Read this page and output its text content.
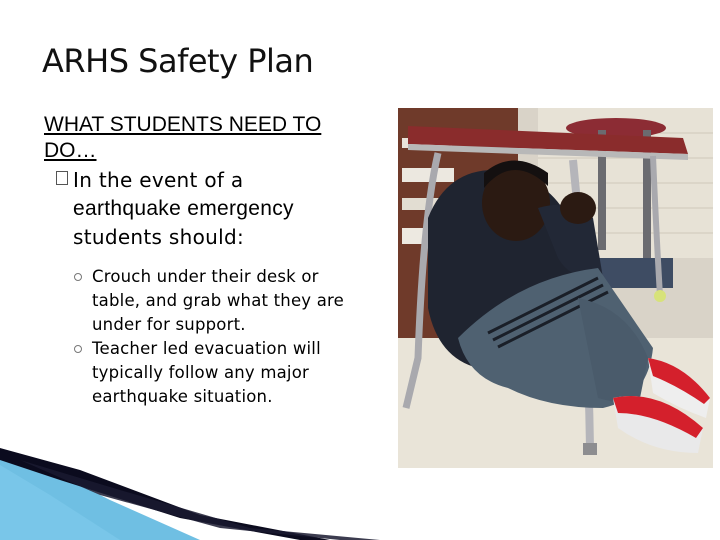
ARHS Safety Plan
WHAT STUDENTS NEED TO DO…
In the event of a
earthquake emergency
students should:
Crouch under their desk or table, and grab what they are under for support.
Teacher led evacuation will typically follow any major earthquake situation.
